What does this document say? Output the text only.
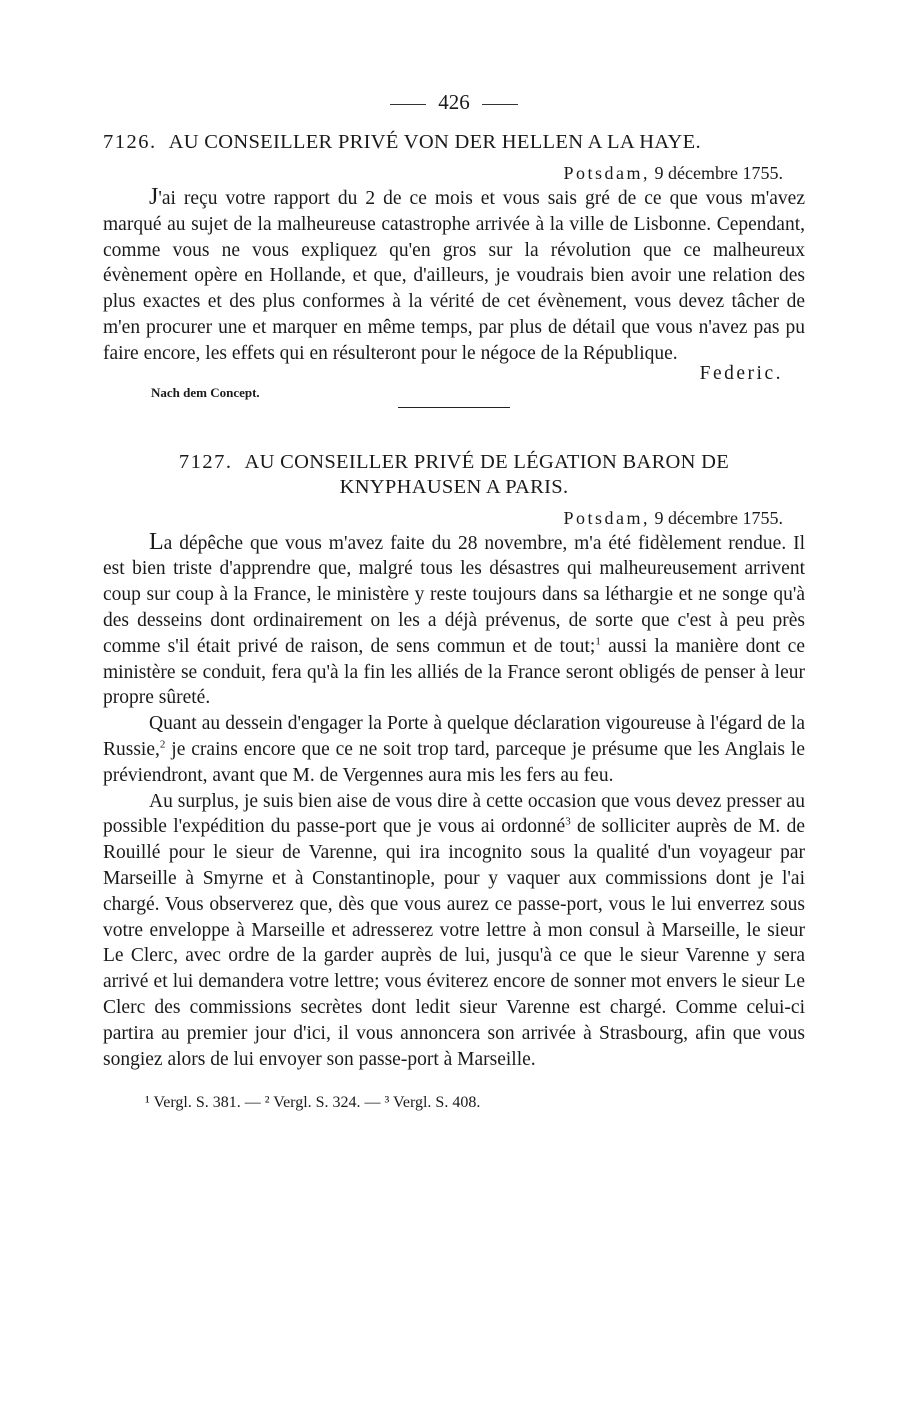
426

7126. AU CONSEILLER PRIVÉ VON DER HELLEN A LA HAYE.

Potsdam, 9 décembre 1755.

J'ai reçu votre rapport du 2 de ce mois et vous sais gré de ce que vous m'avez marqué au sujet de la malheureuse catastrophe arrivée à la ville de Lisbonne. Cependant, comme vous ne vous expliquez qu'en gros sur la révolution que ce malheureux évènement opère en Hollande, et que, d'ailleurs, je voudrais bien avoir une relation des plus exactes et des plus conformes à la vérité de cet évènement, vous devez tâcher de m'en procurer une et marquer en même temps, par plus de détail que vous n'avez pas pu faire encore, les effets qui en résulteront pour le négoce de la République.

Nach dem Concept.
Federic.

7127. AU CONSEILLER PRIVÉ DE LÉGATION BARON DE

KNYPHAUSEN A PARIS.

Potsdam, 9 décembre 1755.

La dépêche que vous m'avez faite du 28 novembre, m'a été fidèlement rendue. Il est bien triste d'apprendre que, malgré tous les désastres qui malheureusement arrivent coup sur coup à la France, le ministère y reste toujours dans sa léthargie et ne songe qu'à des desseins dont ordinairement on les a déjà prévenus, de sorte que c'est à peu près comme s'il était privé de raison, de sens commun et de tout;$^1$ aussi la manière dont ce ministère se conduit, fera qu'à la fin les alliés de la France seront obligés de penser à leur propre sûreté.

Quant au dessein d'engager la Porte à quelque déclaration vigoureuse à l'égard de la Russie,$^2$ je crains encore que ce ne soit trop tard, parceque je présume que les Anglais le préviendront, avant que M. de Vergennes aura mis les fers au feu.

Au surplus, je suis bien aise de vous dire à cette occasion que vous devez presser au possible l'expédition du passe-port que je vous ai ordonné$^3$ de solliciter auprès de M. de Rouillé pour le sieur de Varenne, qui ira incognito sous la qualité d'un voyageur par Marseille à Smyrne et à Constantinople, pour y vaquer aux commissions dont je l'ai chargé. Vous observerez que, dès que vous aurez ce passe-port, vous le lui enverrez sous votre enveloppe à Marseille et adresserez votre lettre à mon consul à Marseille, le sieur Le Clerc, avec ordre de la garder auprès de lui, jusqu'à ce que le sieur Varenne y sera arrivé et lui demandera votre lettre; vous éviterez encore de sonner mot envers le sieur Le Clerc des commissions secrètes dont ledit sieur Varenne est chargé. Comme celui-ci partira au premier jour d'ici, il vous annoncera son arrivée à Strasbourg, afin que vous songiez alors de lui envoyer son passe-port à Marseille.

¹ Vergl. S. 381. — ² Vergl. S. 324. — ³ Vergl. S. 408.
